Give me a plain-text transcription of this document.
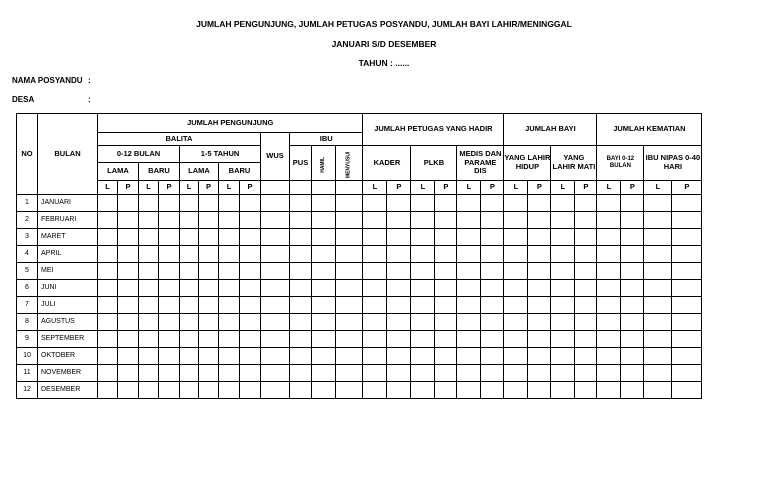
JUMLAH PENGUNJUNG, JUMLAH PETUGAS POSYANDU, JUMLAH BAYI LAHIR/MENINGGAL
JANUARI S/D DESEMBER
TAHUN : ......
NAMA POSYANDU :
DESA	:
NO	BULAN	JUMLAH PENGUNJUNG												JUMLAH PETUGAS YANG HADIR						JUMLAH BAYI				JUMLAH KEMATIAN			
		BALITA								WUS	IBU																
		0-12 BULAN				1-5 TAHUN					PUS	HAMIL	MENYUSUI	KADER		PLKB		MEDIS DAN PARAME DIS		YANG LAHIR HIDUP		YANG LAHIR MATI		BAYI 0-12 BULAN		IBU NIPAS 0-40 HARI	
		LAMA		BARU		LAMA		BARU																			
		L	P	L	P	L	P	L	P					L	P	L	P	L	P	L	P	L	P	L	P	L	P
1	JANUARI																										
2	FEBRUARI																										
3	MARET																										
4	APRIL																										
5	MEI																										
6	JUNI																										
7	JULI																										
8	AGUSTUS																										
9	SEPTEMBER																										
10	OKTOBER																										
11	NOVEMBER																										
12	DESEMBER																										
